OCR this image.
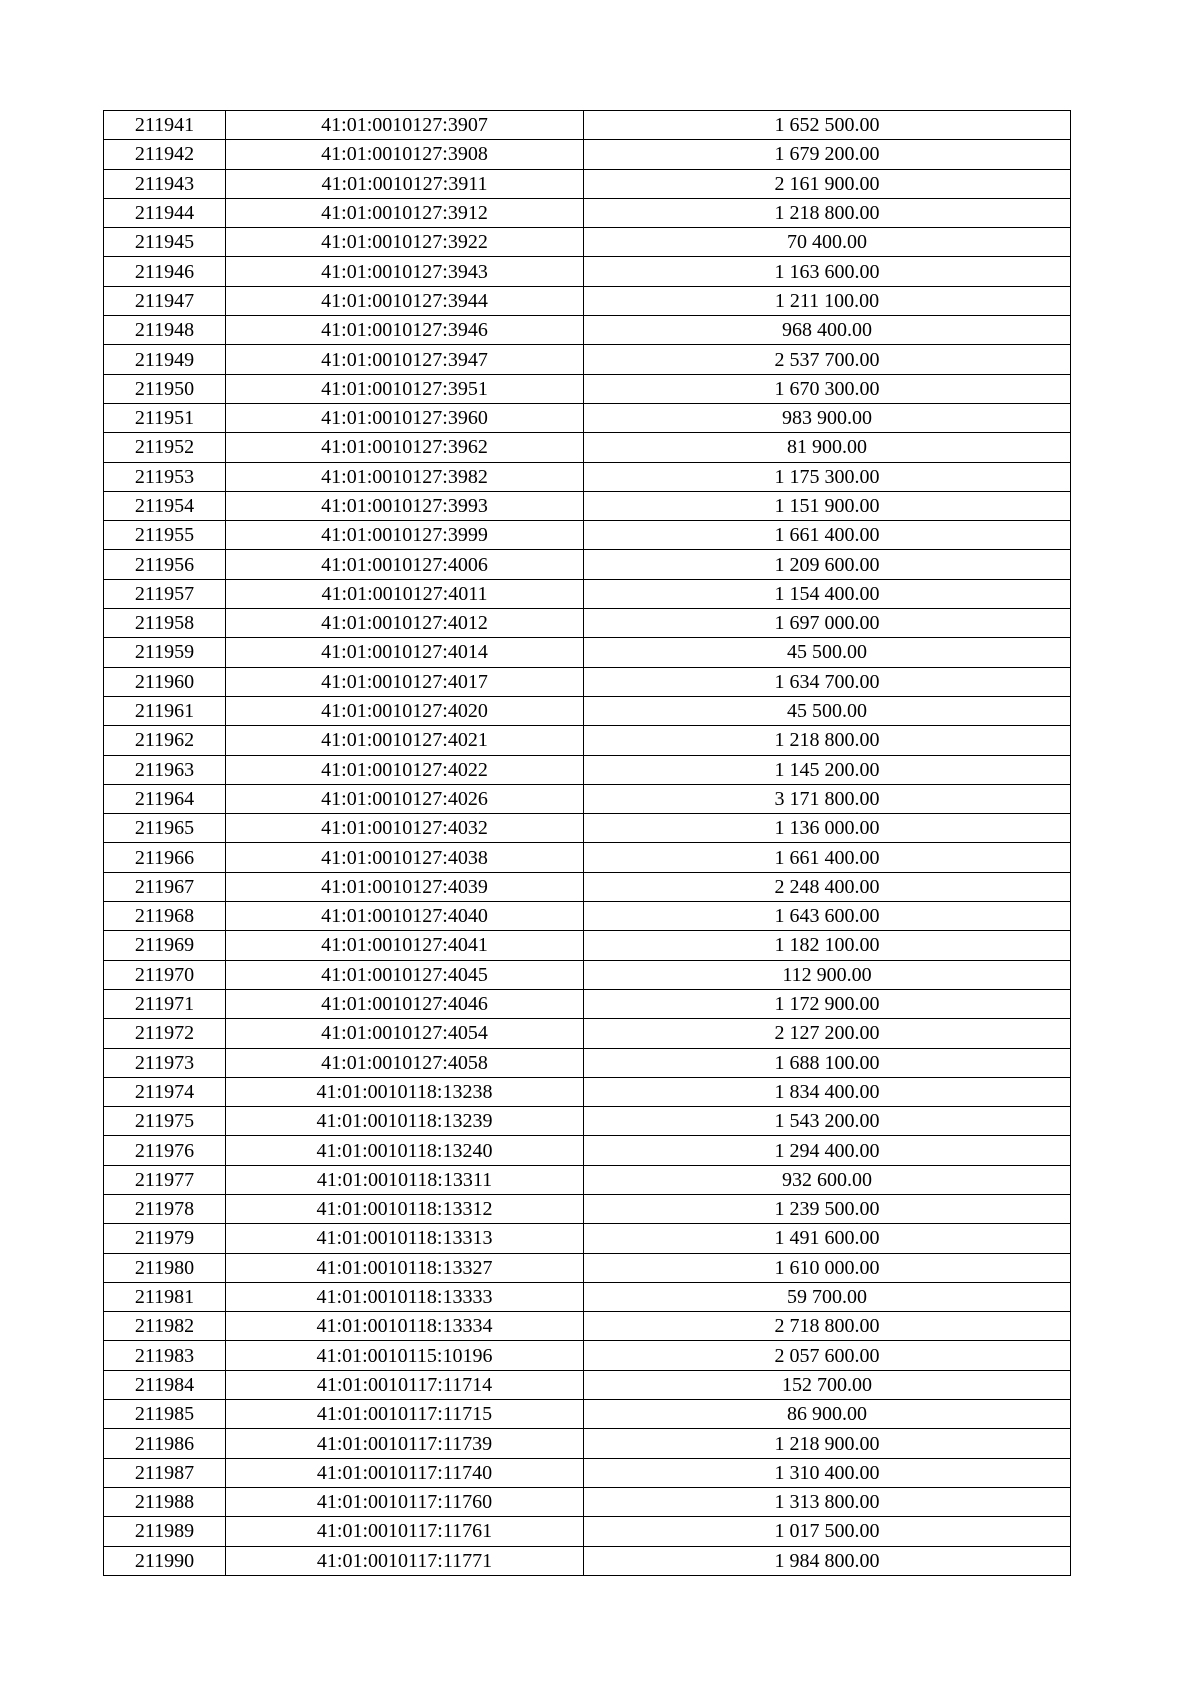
211941	41:01:0010127:3907	1 652 500.00
211942	41:01:0010127:3908	1 679 200.00
211943	41:01:0010127:3911	2 161 900.00
211944	41:01:0010127:3912	1 218 800.00
211945	41:01:0010127:3922	70 400.00
211946	41:01:0010127:3943	1 163 600.00
211947	41:01:0010127:3944	1 211 100.00
211948	41:01:0010127:3946	968 400.00
211949	41:01:0010127:3947	2 537 700.00
211950	41:01:0010127:3951	1 670 300.00
211951	41:01:0010127:3960	983 900.00
211952	41:01:0010127:3962	81 900.00
211953	41:01:0010127:3982	1 175 300.00
211954	41:01:0010127:3993	1 151 900.00
211955	41:01:0010127:3999	1 661 400.00
211956	41:01:0010127:4006	1 209 600.00
211957	41:01:0010127:4011	1 154 400.00
211958	41:01:0010127:4012	1 697 000.00
211959	41:01:0010127:4014	45 500.00
211960	41:01:0010127:4017	1 634 700.00
211961	41:01:0010127:4020	45 500.00
211962	41:01:0010127:4021	1 218 800.00
211963	41:01:0010127:4022	1 145 200.00
211964	41:01:0010127:4026	3 171 800.00
211965	41:01:0010127:4032	1 136 000.00
211966	41:01:0010127:4038	1 661 400.00
211967	41:01:0010127:4039	2 248 400.00
211968	41:01:0010127:4040	1 643 600.00
211969	41:01:0010127:4041	1 182 100.00
211970	41:01:0010127:4045	112 900.00
211971	41:01:0010127:4046	1 172 900.00
211972	41:01:0010127:4054	2 127 200.00
211973	41:01:0010127:4058	1 688 100.00
211974	41:01:0010118:13238	1 834 400.00
211975	41:01:0010118:13239	1 543 200.00
211976	41:01:0010118:13240	1 294 400.00
211977	41:01:0010118:13311	932 600.00
211978	41:01:0010118:13312	1 239 500.00
211979	41:01:0010118:13313	1 491 600.00
211980	41:01:0010118:13327	1 610 000.00
211981	41:01:0010118:13333	59 700.00
211982	41:01:0010118:13334	2 718 800.00
211983	41:01:0010115:10196	2 057 600.00
211984	41:01:0010117:11714	152 700.00
211985	41:01:0010117:11715	86 900.00
211986	41:01:0010117:11739	1 218 900.00
211987	41:01:0010117:11740	1 310 400.00
211988	41:01:0010117:11760	1 313 800.00
211989	41:01:0010117:11761	1 017 500.00
211990	41:01:0010117:11771	1 984 800.00
